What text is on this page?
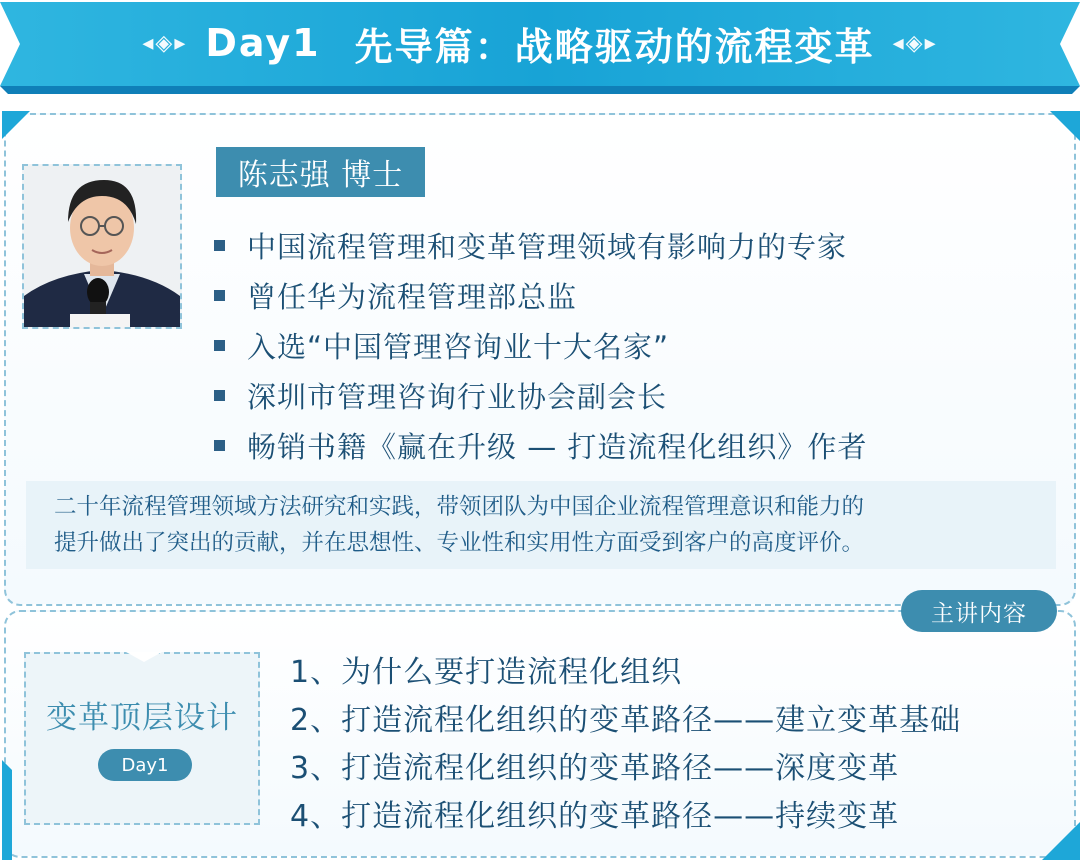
◂◈▸ Day1 先导篇：战略驱动的流程变革 ◂◈▸
陈志强 博士
中国流程管理和变革管理领域有影响力的专家
曾任华为流程管理部总监
入选“中国管理咨询业十大名家”
深圳市管理咨询行业协会副会长
畅销书籍《赢在升级 — 打造流程化组织》作者
二十年流程管理领域方法研究和实践，带领团队为中国企业流程管理意识和能力的
提升做出了突出的贡献，并在思想性、专业性和实用性方面受到客户的高度评价。
主讲内容
变革顶层设计
Day1
1、为什么要打造流程化组织
2、打造流程化组织的变革路径——建立变革基础
3、打造流程化组织的变革路径——深度变革
4、打造流程化组织的变革路径——持续变革
